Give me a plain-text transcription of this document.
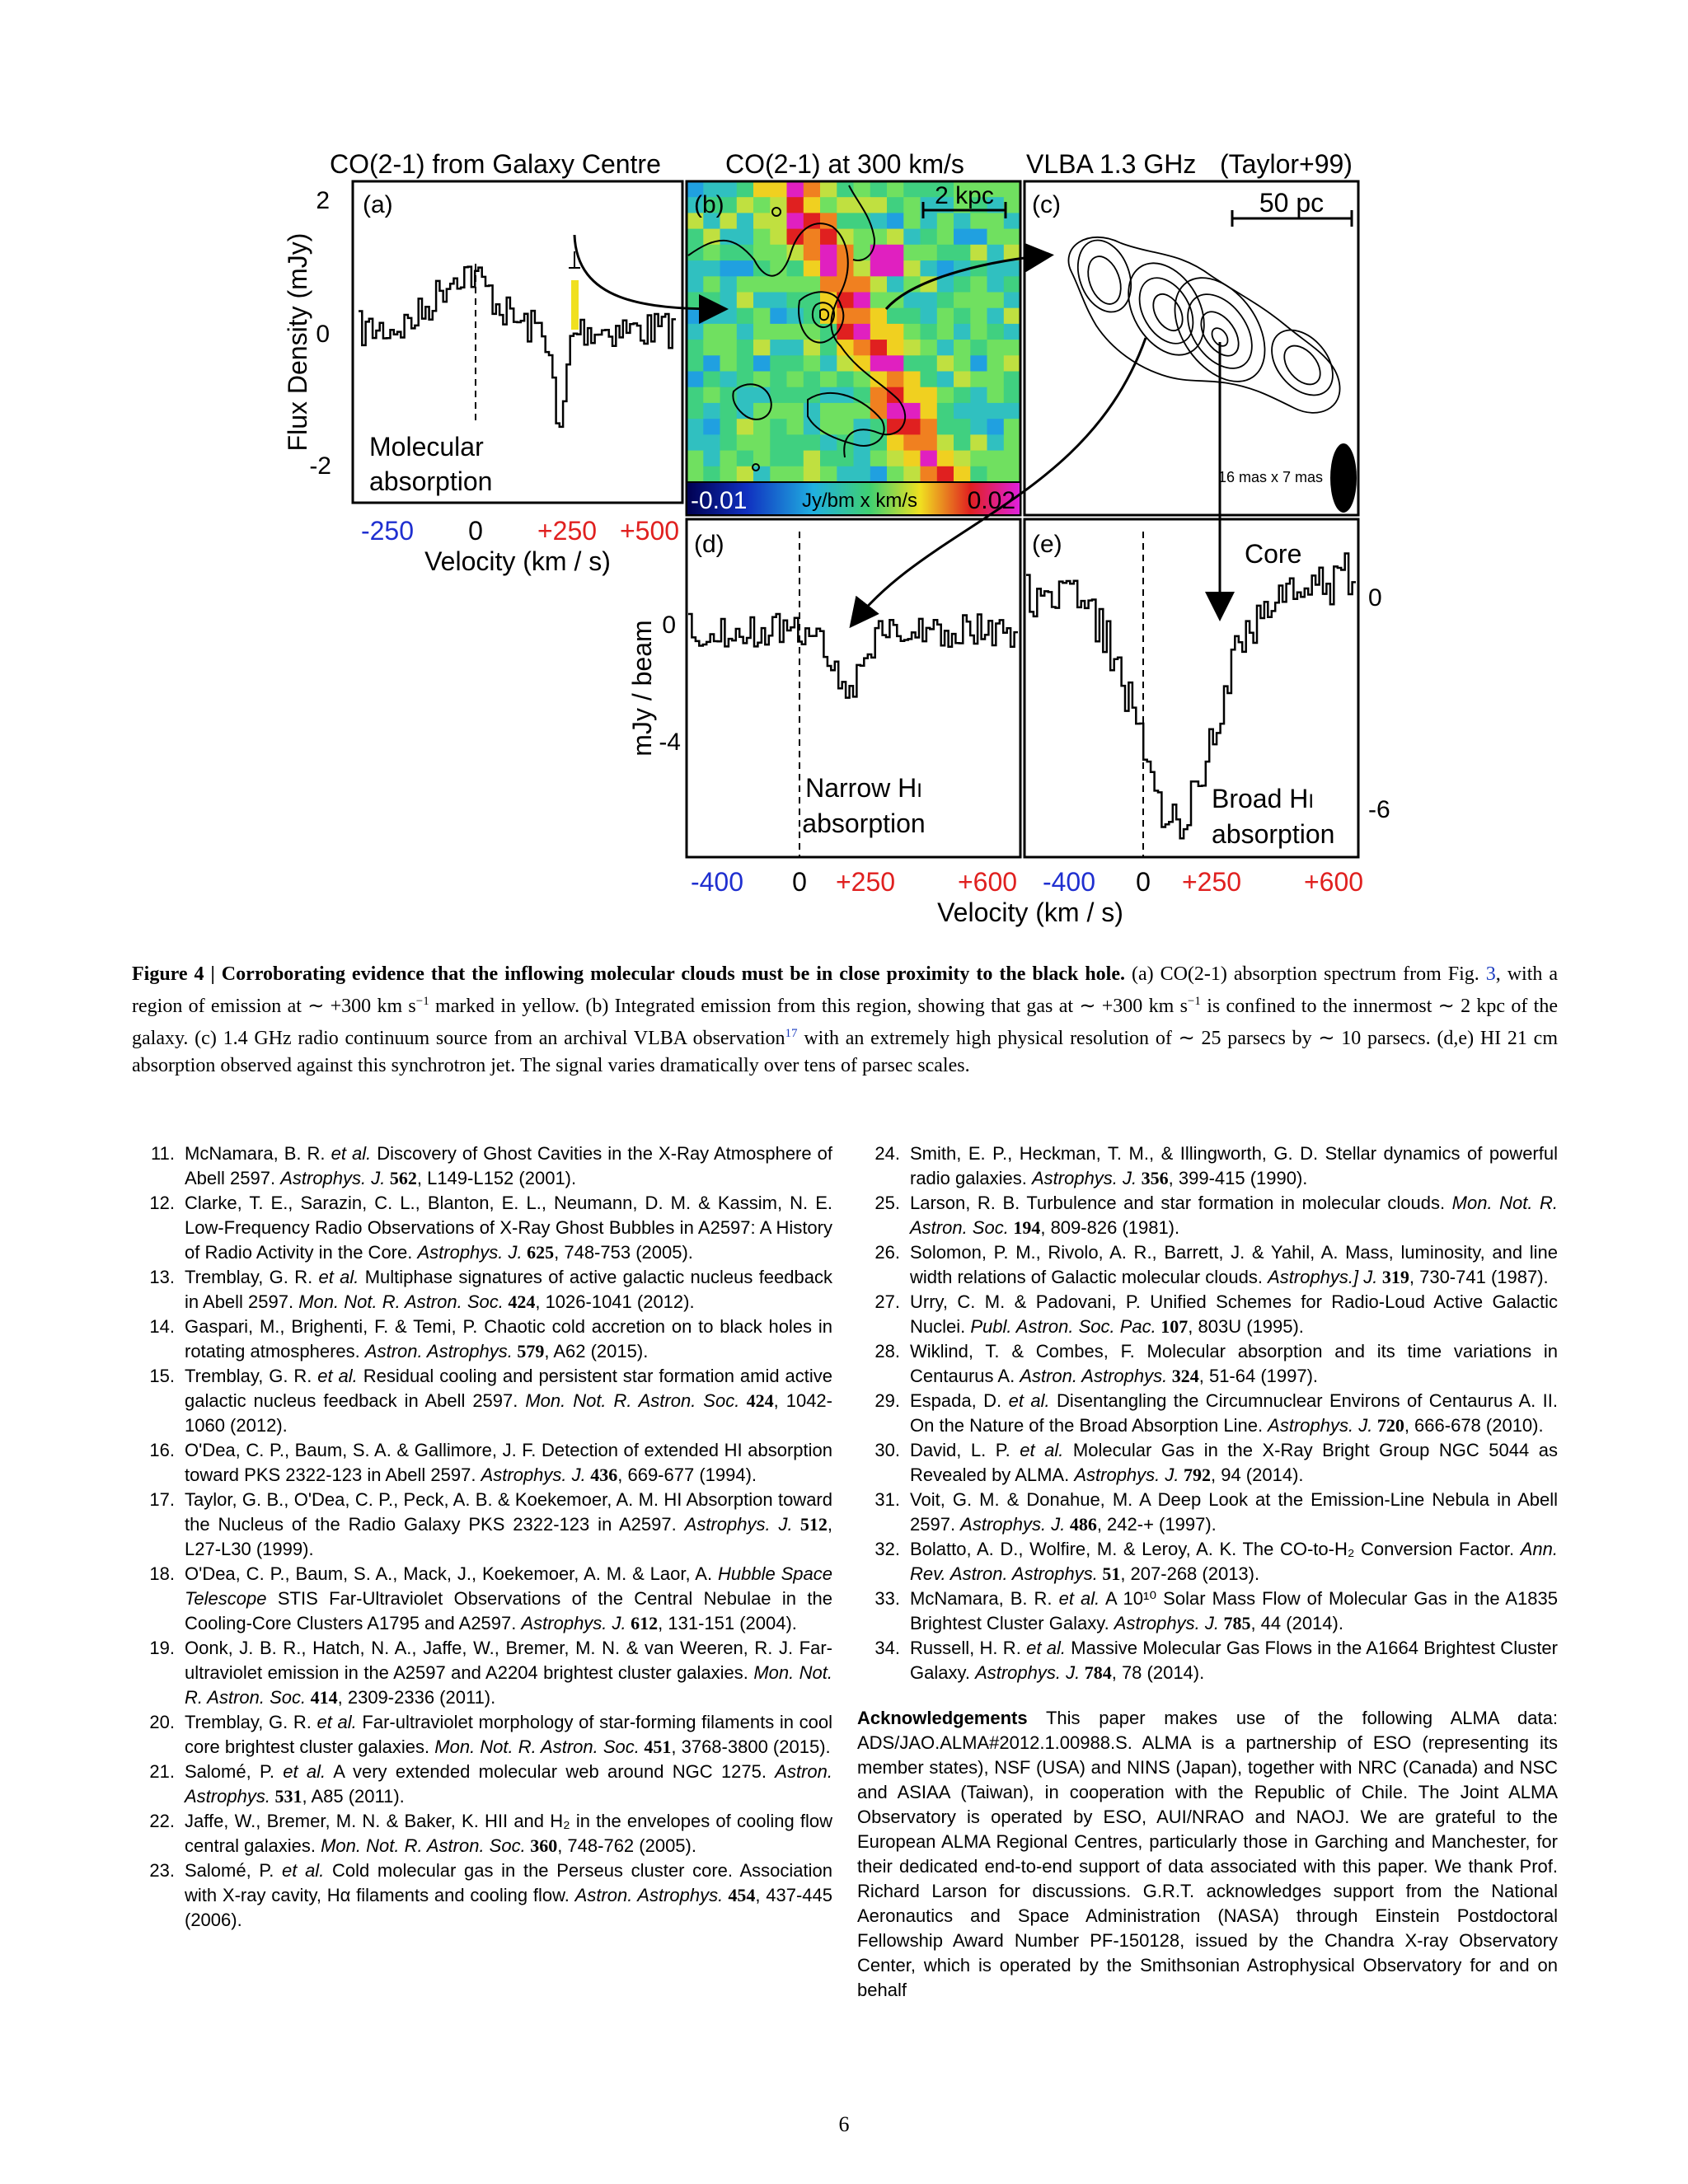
CO(2-1) from Galaxy Centre CO(2-1) at 300 km/s VLBA 1.3 GHz (Taylor+99)
(a)
2
0
-2
Flux Density (mJy) Molecular
absorption
-250 0 +250 +500
Velocity (km / s)
(b)	2 kpc
-0.01	Jy/bm x km/s 0.02
(c)	50 pc
16 mas x 7 mas
(d)
0
-4
mJy / beam
Narrow HI
absorption
(e)
0
-6
Broad HI
absorption
Core
-400 0 +250 +600 -400 0 +250 +600
Velocity (km / s)
Figure 4 | Corroborating evidence that the inflowing molecular clouds must be in close proximity to the black hole. (a) CO(2-1) absorption spectrum from Fig. 3, with a region of emission at ∼ +300 km $s^{-1}$ marked in yellow. (b) Integrated emission from this region, showing that gas at ∼ +300 km $s^{-1}$ is confined to the innermost ∼ 2 kpc of the galaxy. (c) 1.4 GHz radio continuum source from an archival VLBA observation$^{17}$ with an extremely high physical resolution of ∼ 25 parsecs by ∼ 10 parsecs. (d,e) HI 21 cm absorption observed against this synchrotron jet. The signal varies dramatically over tens of parsec scales.
11. McNamara, B. R. et al. Discovery of Ghost Cavities in the X-Ray Atmosphere of Abell 2597. Astrophys. J. 562, L149-L152 (2001).
12. Clarke, T. E., Sarazin, C. L., Blanton, E. L., Neumann, D. M. & Kassim, N. E. Low-Frequency Radio Observations of X-Ray Ghost Bubbles in A2597: A History of Radio Activity in the Core. Astrophys. J. 625, 748-753 (2005).
13. Tremblay, G. R. et al. Multiphase signatures of active galactic nucleus feedback in Abell 2597. Mon. Not. R. Astron. Soc. 424, 1026-1041 (2012).
14. Gaspari, M., Brighenti, F. & Temi, P. Chaotic cold accretion on to black holes in rotating atmospheres. Astron. Astrophys. 579, A62 (2015).
15. Tremblay, G. R. et al. Residual cooling and persistent star formation amid active galactic nucleus feedback in Abell 2597. Mon. Not. R. Astron. Soc. 424, 1042-1060 (2012).
16. O'Dea, C. P., Baum, S. A. & Gallimore, J. F. Detection of extended HI absorption toward PKS 2322-123 in Abell 2597. Astrophys. J. 436, 669-677 (1994).
17. Taylor, G. B., O'Dea, C. P., Peck, A. B. & Koekemoer, A. M. HI Absorption toward the Nucleus of the Radio Galaxy PKS 2322-123 in A2597. Astrophys. J. 512, L27-L30 (1999).
18. O'Dea, C. P., Baum, S. A., Mack, J., Koekemoer, A. M. & Laor, A. Hubble Space Telescope STIS Far-Ultraviolet Observations of the Central Nebulae in the Cooling-Core Clusters A1795 and A2597. Astrophys. J. 612, 131-151 (2004).
19. Oonk, J. B. R., Hatch, N. A., Jaffe, W., Bremer, M. N. & van Weeren, R. J. Far-ultraviolet emission in the A2597 and A2204 brightest cluster galaxies. Mon. Not. R. Astron. Soc. 414, 2309-2336 (2011).
20. Tremblay, G. R. et al. Far-ultraviolet morphology of star-forming filaments in cool core brightest cluster galaxies. Mon. Not. R. Astron. Soc. 451, 3768-3800 (2015).
21. Salomé, P. et al. A very extended molecular web around NGC 1275. Astron. Astrophys. 531, A85 (2011).
22. Jaffe, W., Bremer, M. N. & Baker, K. HII and H₂ in the envelopes of cooling flow central galaxies. Mon. Not. R. Astron. Soc. 360, 748-762 (2005).
23. Salomé, P. et al. Cold molecular gas in the Perseus cluster core. Association with X-ray cavity, Hα filaments and cooling flow. Astron. Astrophys. 454, 437-445 (2006).
24. Smith, E. P., Heckman, T. M., & Illingworth, G. D. Stellar dynamics of powerful radio galaxies. Astrophys. J. 356, 399-415 (1990).
25. Larson, R. B. Turbulence and star formation in molecular clouds. Mon. Not. R. Astron. Soc. 194, 809-826 (1981).
26. Solomon, P. M., Rivolo, A. R., Barrett, J. & Yahil, A. Mass, luminosity, and line width relations of Galactic molecular clouds. Astrophys.] J. 319, 730-741 (1987).
27. Urry, C. M. & Padovani, P. Unified Schemes for Radio-Loud Active Galactic Nuclei. Publ. Astron. Soc. Pac. 107, 803U (1995).
28. Wiklind, T. & Combes, F. Molecular absorption and its time variations in Centaurus A. Astron. Astrophys. 324, 51-64 (1997).
29. Espada, D. et al. Disentangling the Circumnuclear Environs of Centaurus A. II. On the Nature of the Broad Absorption Line. Astrophys. J. 720, 666-678 (2010).
30. David, L. P. et al. Molecular Gas in the X-Ray Bright Group NGC 5044 as Revealed by ALMA. Astrophys. J. 792, 94 (2014).
31. Voit, G. M. & Donahue, M. A Deep Look at the Emission-Line Nebula in Abell 2597. Astrophys. J. 486, 242-+ (1997).
32. Bolatto, A. D., Wolfire, M. & Leroy, A. K. The CO-to-H₂ Conversion Factor. Ann. Rev. Astron. Astrophys. 51, 207-268 (2013).
33. McNamara, B. R. et al. A 10¹⁰ Solar Mass Flow of Molecular Gas in the A1835 Brightest Cluster Galaxy. Astrophys. J. 785, 44 (2014).
34. Russell, H. R. et al. Massive Molecular Gas Flows in the A1664 Brightest Cluster Galaxy. Astrophys. J. 784, 78 (2014).
Acknowledgements This paper makes use of the following ALMA data: ADS/JAO.ALMA#2012.1.00988.S. ALMA is a partnership of ESO (representing its member states), NSF (USA) and NINS (Japan), together with NRC (Canada) and NSC and ASIAA (Taiwan), in cooperation with the Republic of Chile. The Joint ALMA Observatory is operated by ESO, AUI/NRAO and NAOJ. We are grateful to the European ALMA Regional Centres, particularly those in Garching and Manchester, for their dedicated end-to-end support of data associated with this paper. We thank Prof. Richard Larson for discussions. G.R.T. acknowledges support from the National Aeronautics and Space Administration (NASA) through Einstein Postdoctoral Fellowship Award Number PF-150128, issued by the Chandra X-ray Observatory Center, which is operated by the Smithsonian Astrophysical Observatory for and on behalf
6
